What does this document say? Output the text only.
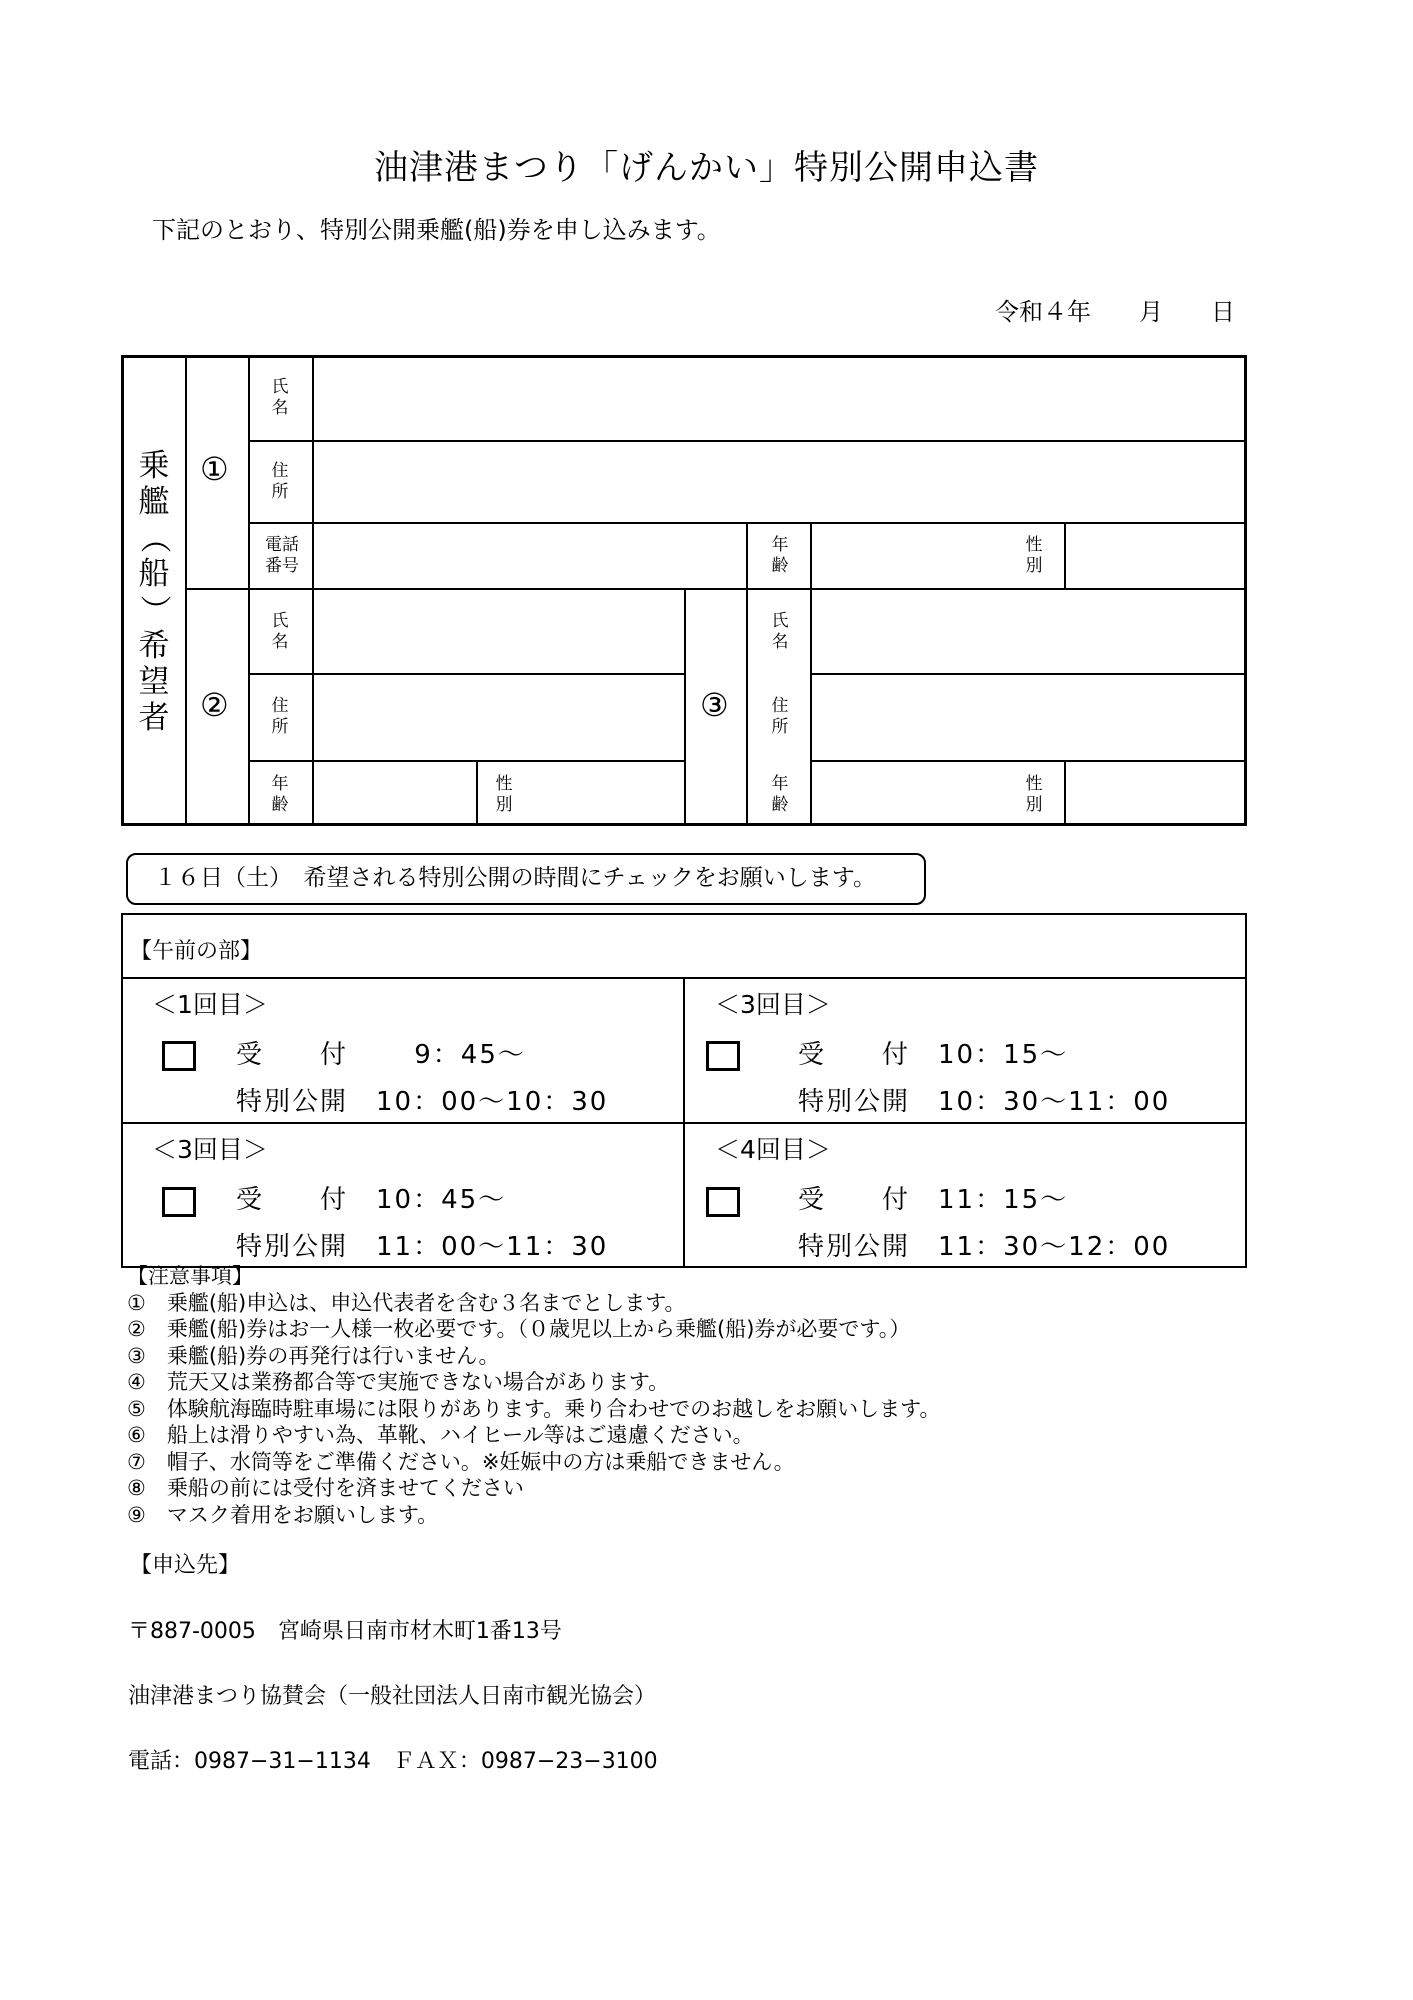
油津港まつり「げんかい」特別公開申込書
下記のとおり、特別公開乗艦(船)券を申し込みます。
令和４年　　月　　日
乗
艦
（
船
）
希
望
者
①
②	③
氏
名
住
所
電話
番号
年
齢
性
別
氏
名
住
所
年
齢
性
別
氏
名
住
所
年
齢
性
別
１６日（土）　希望される特別公開の時間にチェックをお願いします。
【午前の部】
＜1回目＞
受　　付　　 9：45〜
特別公開　10：00〜10：30
＜3回目＞
受　　付　10：15〜
特別公開　10：30〜11：00
＜3回目＞
受　　付　10：45〜
特別公開　11：00〜11：30
＜4回目＞
受　　付　11：15〜
特別公開　11：30〜12：00
【注意事項】
①　乗艦(船)申込は、申込代表者を含む３名までとします。
②　乗艦(船)券はお一人様一枚必要です。（０歳児以上から乗艦(船)券が必要です。）
③　乗艦(船)券の再発行は行いません。
④　荒天又は業務都合等で実施できない場合があります。
⑤　体験航海臨時駐車場には限りがあります。乗り合わせでのお越しをお願いします。
⑥　船上は滑りやすい為、革靴、ハイヒール等はご遠慮ください。
⑦　帽子、水筒等をご準備ください。※妊娠中の方は乗船できません。
⑧　乗船の前には受付を済ませてください
⑨　マスク着用をお願いします。
【申込先】
〒887-0005　宮崎県日南市材木町1番13号
油津港まつり協賛会（一般社団法人日南市観光協会）
電話：0987−31−1134　ＦＡＸ：0987−23−3100
